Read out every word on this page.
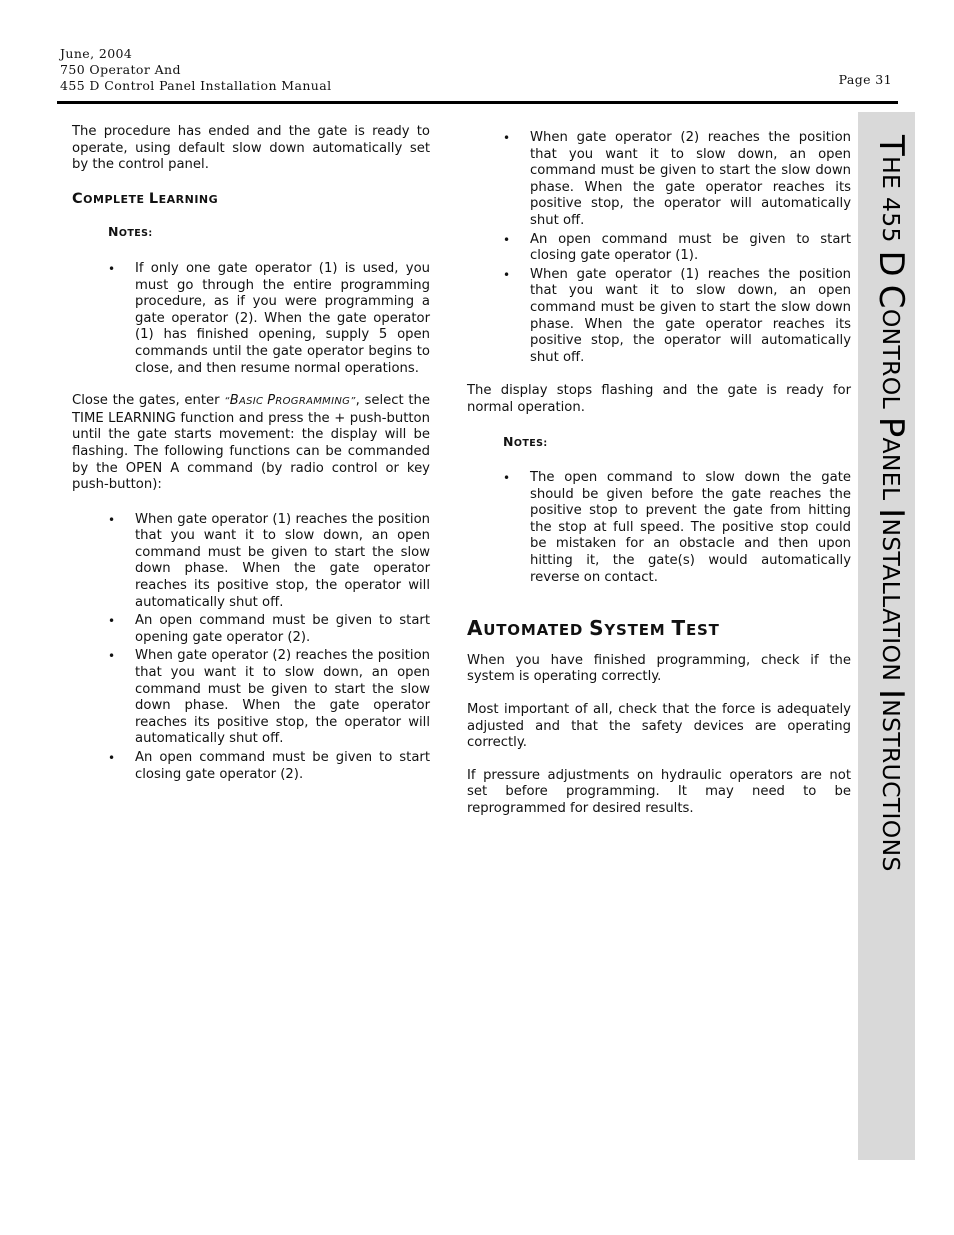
June, 2004
750 Operator And
455 D Control Panel Installation Manual	Page 31
THE 455 D CONTROL PANEL INSTALLATION INSTRUCTIONS

The procedure has ended and the gate is ready to operate, using default slow down automatically set by the control panel.

COMPLETE LEARNING
NOTES:
• If only one gate operator (1) is used, you must go through the entire programming procedure, as if you were programming a gate operator (2). When the gate operator (1) has finished opening, supply 5 open commands until the gate operator begins to close, and then resume normal operations.

Close the gates, enter “BASIC PROGRAMMING”, select the TIME LEARNING function and press the + push-button until the gate starts movement: the display will be flashing. The following functions can be commanded by the OPEN A command (by radio control or key push-button):

• When gate operator (1) reaches the position that you want it to slow down, an open command must be given to start the slow down phase. When the gate operator reaches its positive stop, the operator will automatically shut off.
• An open command must be given to start opening gate operator (2).
• When gate operator (2) reaches the position that you want it to slow down, an open command must be given to start the slow down phase. When the gate operator reaches its positive stop, the operator will automatically shut off.
• An open command must be given to start closing gate operator (2).
• When gate operator (2) reaches the position that you want it to slow down, an open command must be given to start the slow down phase. When the gate operator reaches its positive stop, the operator will automatically shut off.
• An open command must be given to start closing gate operator (1).
• When gate operator (1) reaches the position that you want it to slow down, an open command must be given to start the slow down phase. When the gate operator reaches its positive stop, the operator will automatically shut off.

The display stops flashing and the gate is ready for normal operation.

NOTES:
• The open command to slow down the gate should be given before the gate reaches the positive stop to prevent the gate from hitting the stop at full speed. The positive stop could be mistaken for an obstacle and then upon hitting it, the gate(s) would automatically reverse on contact.
AUTOMATED SYSTEM TEST

When you have finished programming, check if the system is operating correctly.

Most important of all, check that the force is adequately adjusted and that the safety devices are operating correctly.

If pressure adjustments on hydraulic operators are not set before programming. It may need to be reprogrammed for desired results.
